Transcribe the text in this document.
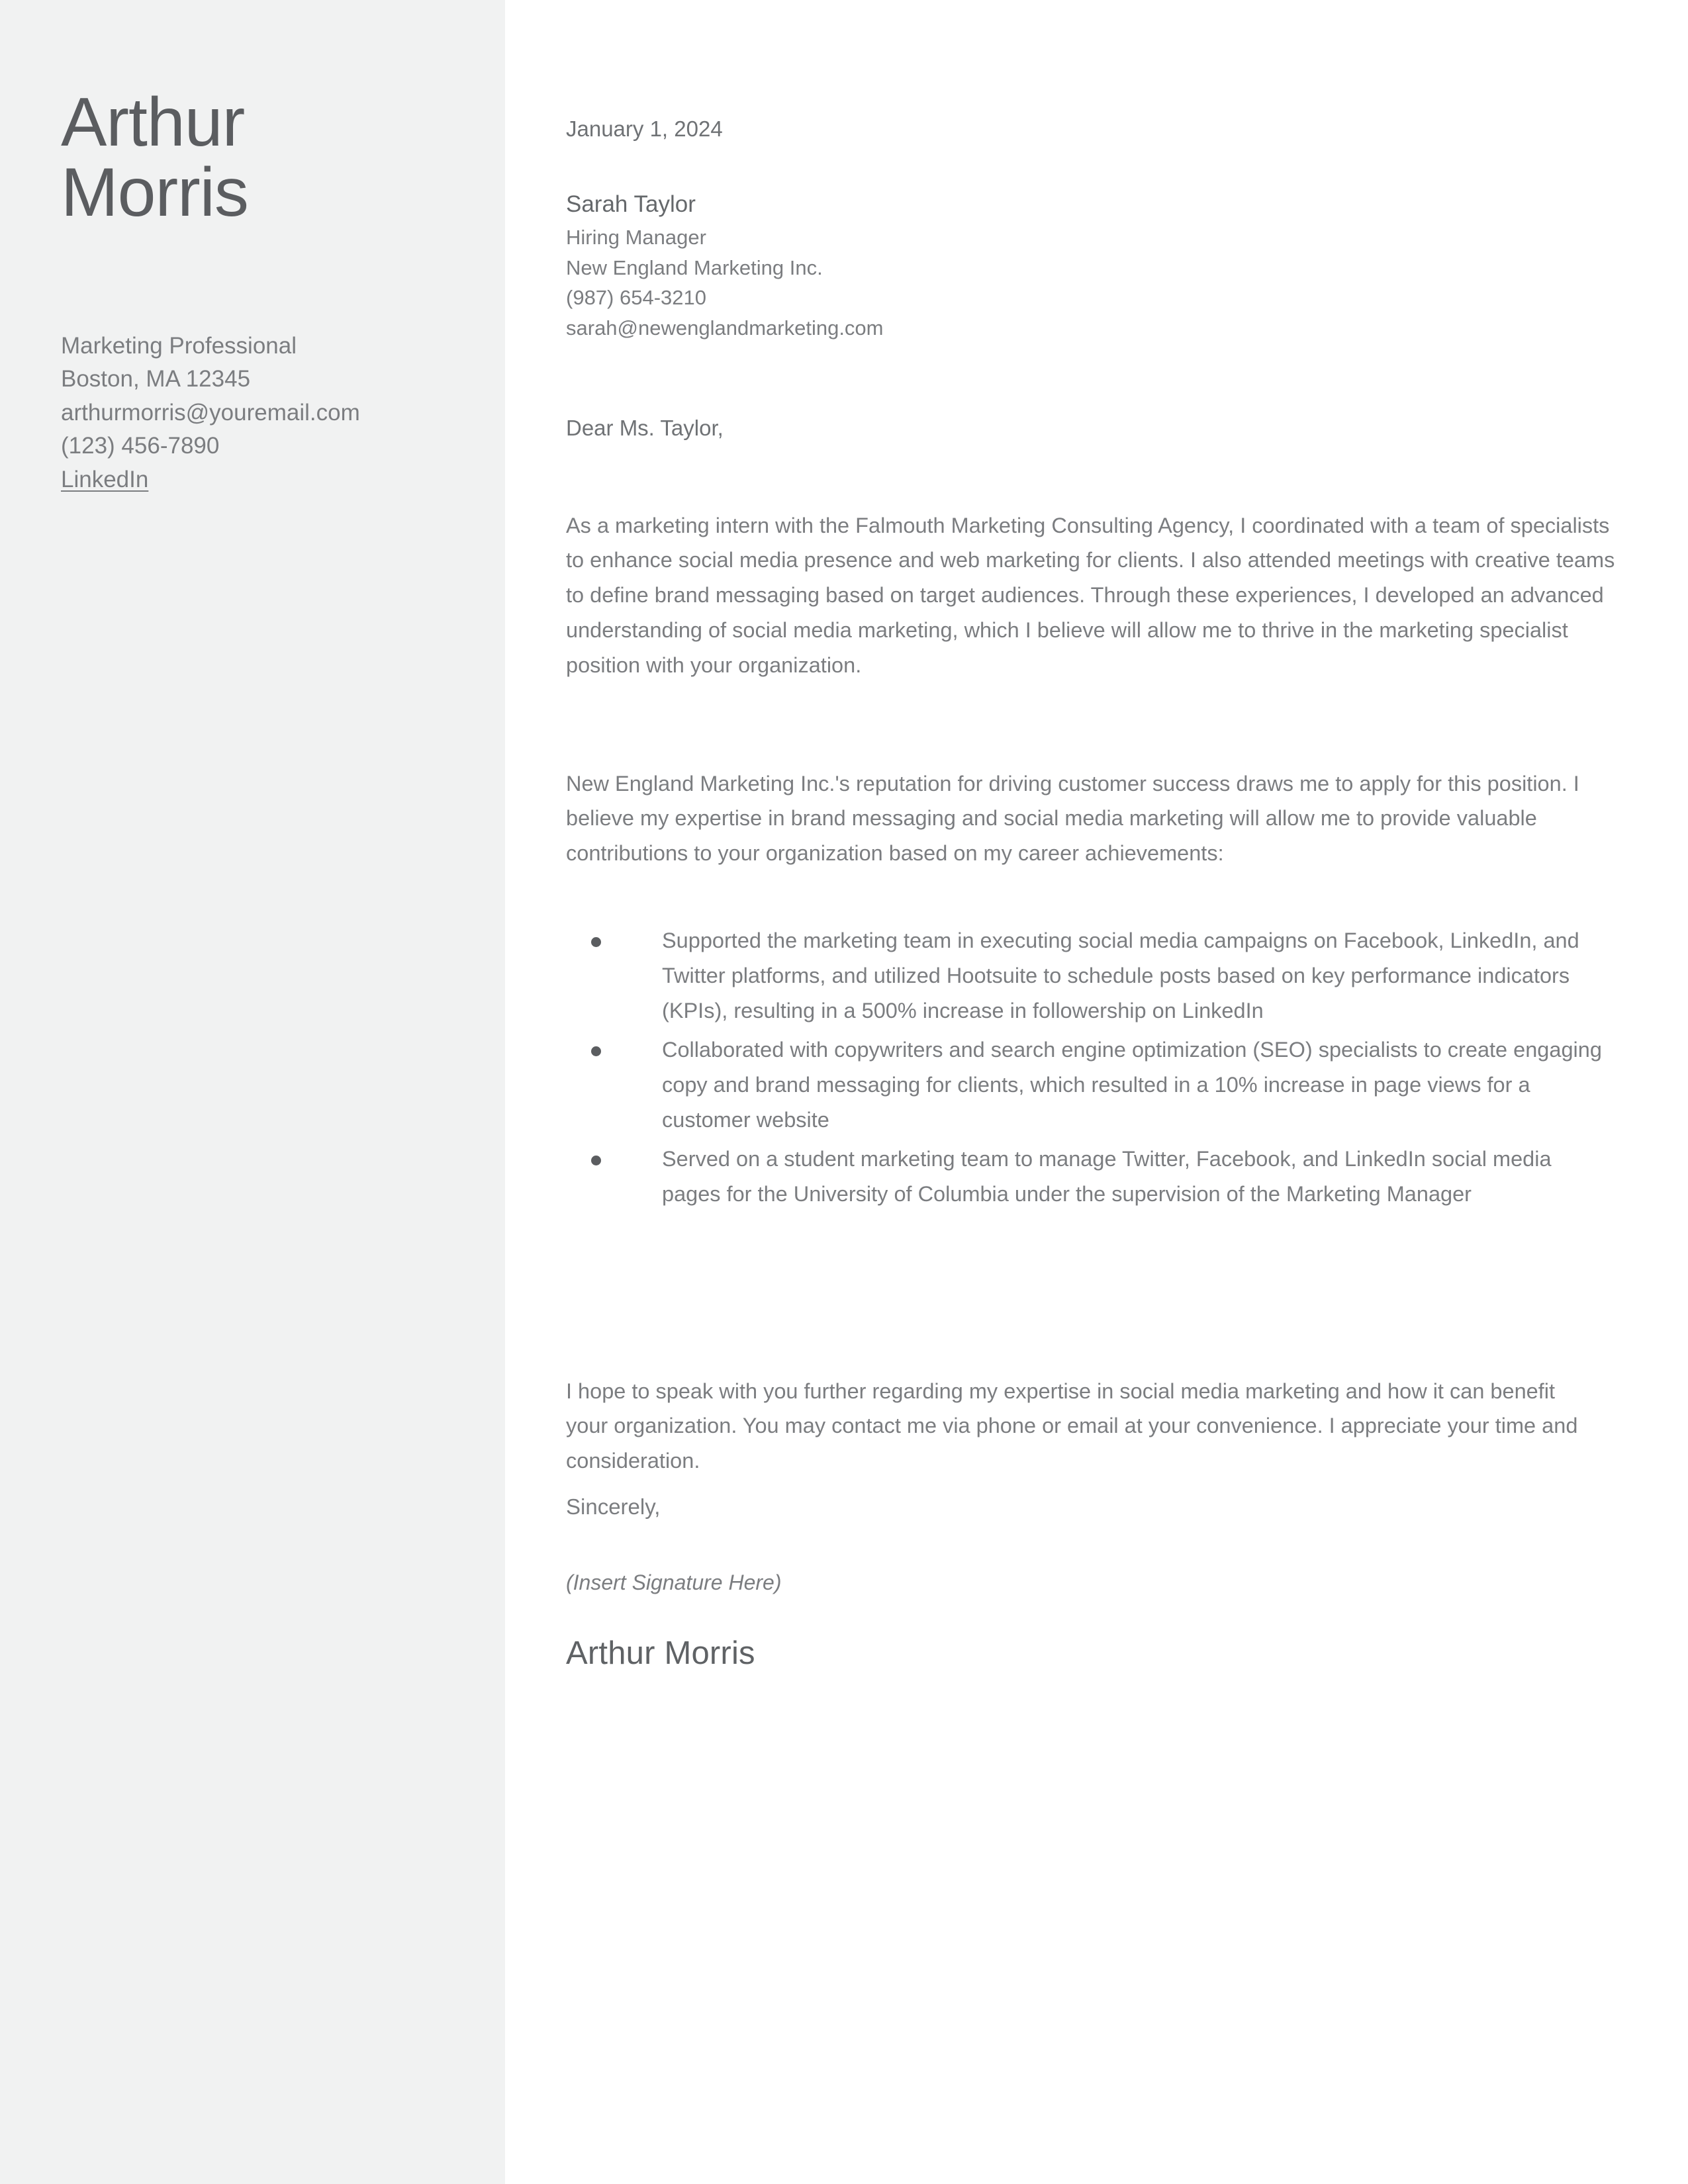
Arthur
Morris
Marketing Professional
Boston, MA 12345
arthurmorris@youremail.com
(123) 456-7890
LinkedIn
January 1, 2024
Sarah Taylor
Hiring Manager
New England Marketing Inc.
(987) 654-3210
sarah@newenglandmarketing.com
Dear Ms. Taylor,

As a marketing intern with the Falmouth Marketing Consulting Agency, I coordinated with a team of specialists to enhance social media presence and web marketing for clients. I also attended meetings with creative teams to define brand messaging based on target audiences. Through these experiences, I developed an advanced understanding of social media marketing, which I believe will allow me to thrive in the marketing specialist position with your organization.

New England Marketing Inc.'s reputation for driving customer success draws me to apply for this position. I believe my expertise in brand messaging and social media marketing will allow me to provide valuable contributions to your organization based on my career achievements:

Supported the marketing team in executing social media campaigns on Facebook, LinkedIn, and Twitter platforms, and utilized Hootsuite to schedule posts based on key performance indicators (KPIs), resulting in a 500% increase in followership on LinkedIn
Collaborated with copywriters and search engine optimization (SEO) specialists to create engaging copy and brand messaging for clients, which resulted in a 10% increase in page views for a customer website
Served on a student marketing team to manage Twitter, Facebook, and LinkedIn social media pages for the University of Columbia under the supervision of the Marketing Manager

I hope to speak with you further regarding my expertise in social media marketing and how it can benefit your organization. You may contact me via phone or email at your convenience. I appreciate your time and consideration.

Sincerely,
(Insert Signature Here)
Arthur Morris
